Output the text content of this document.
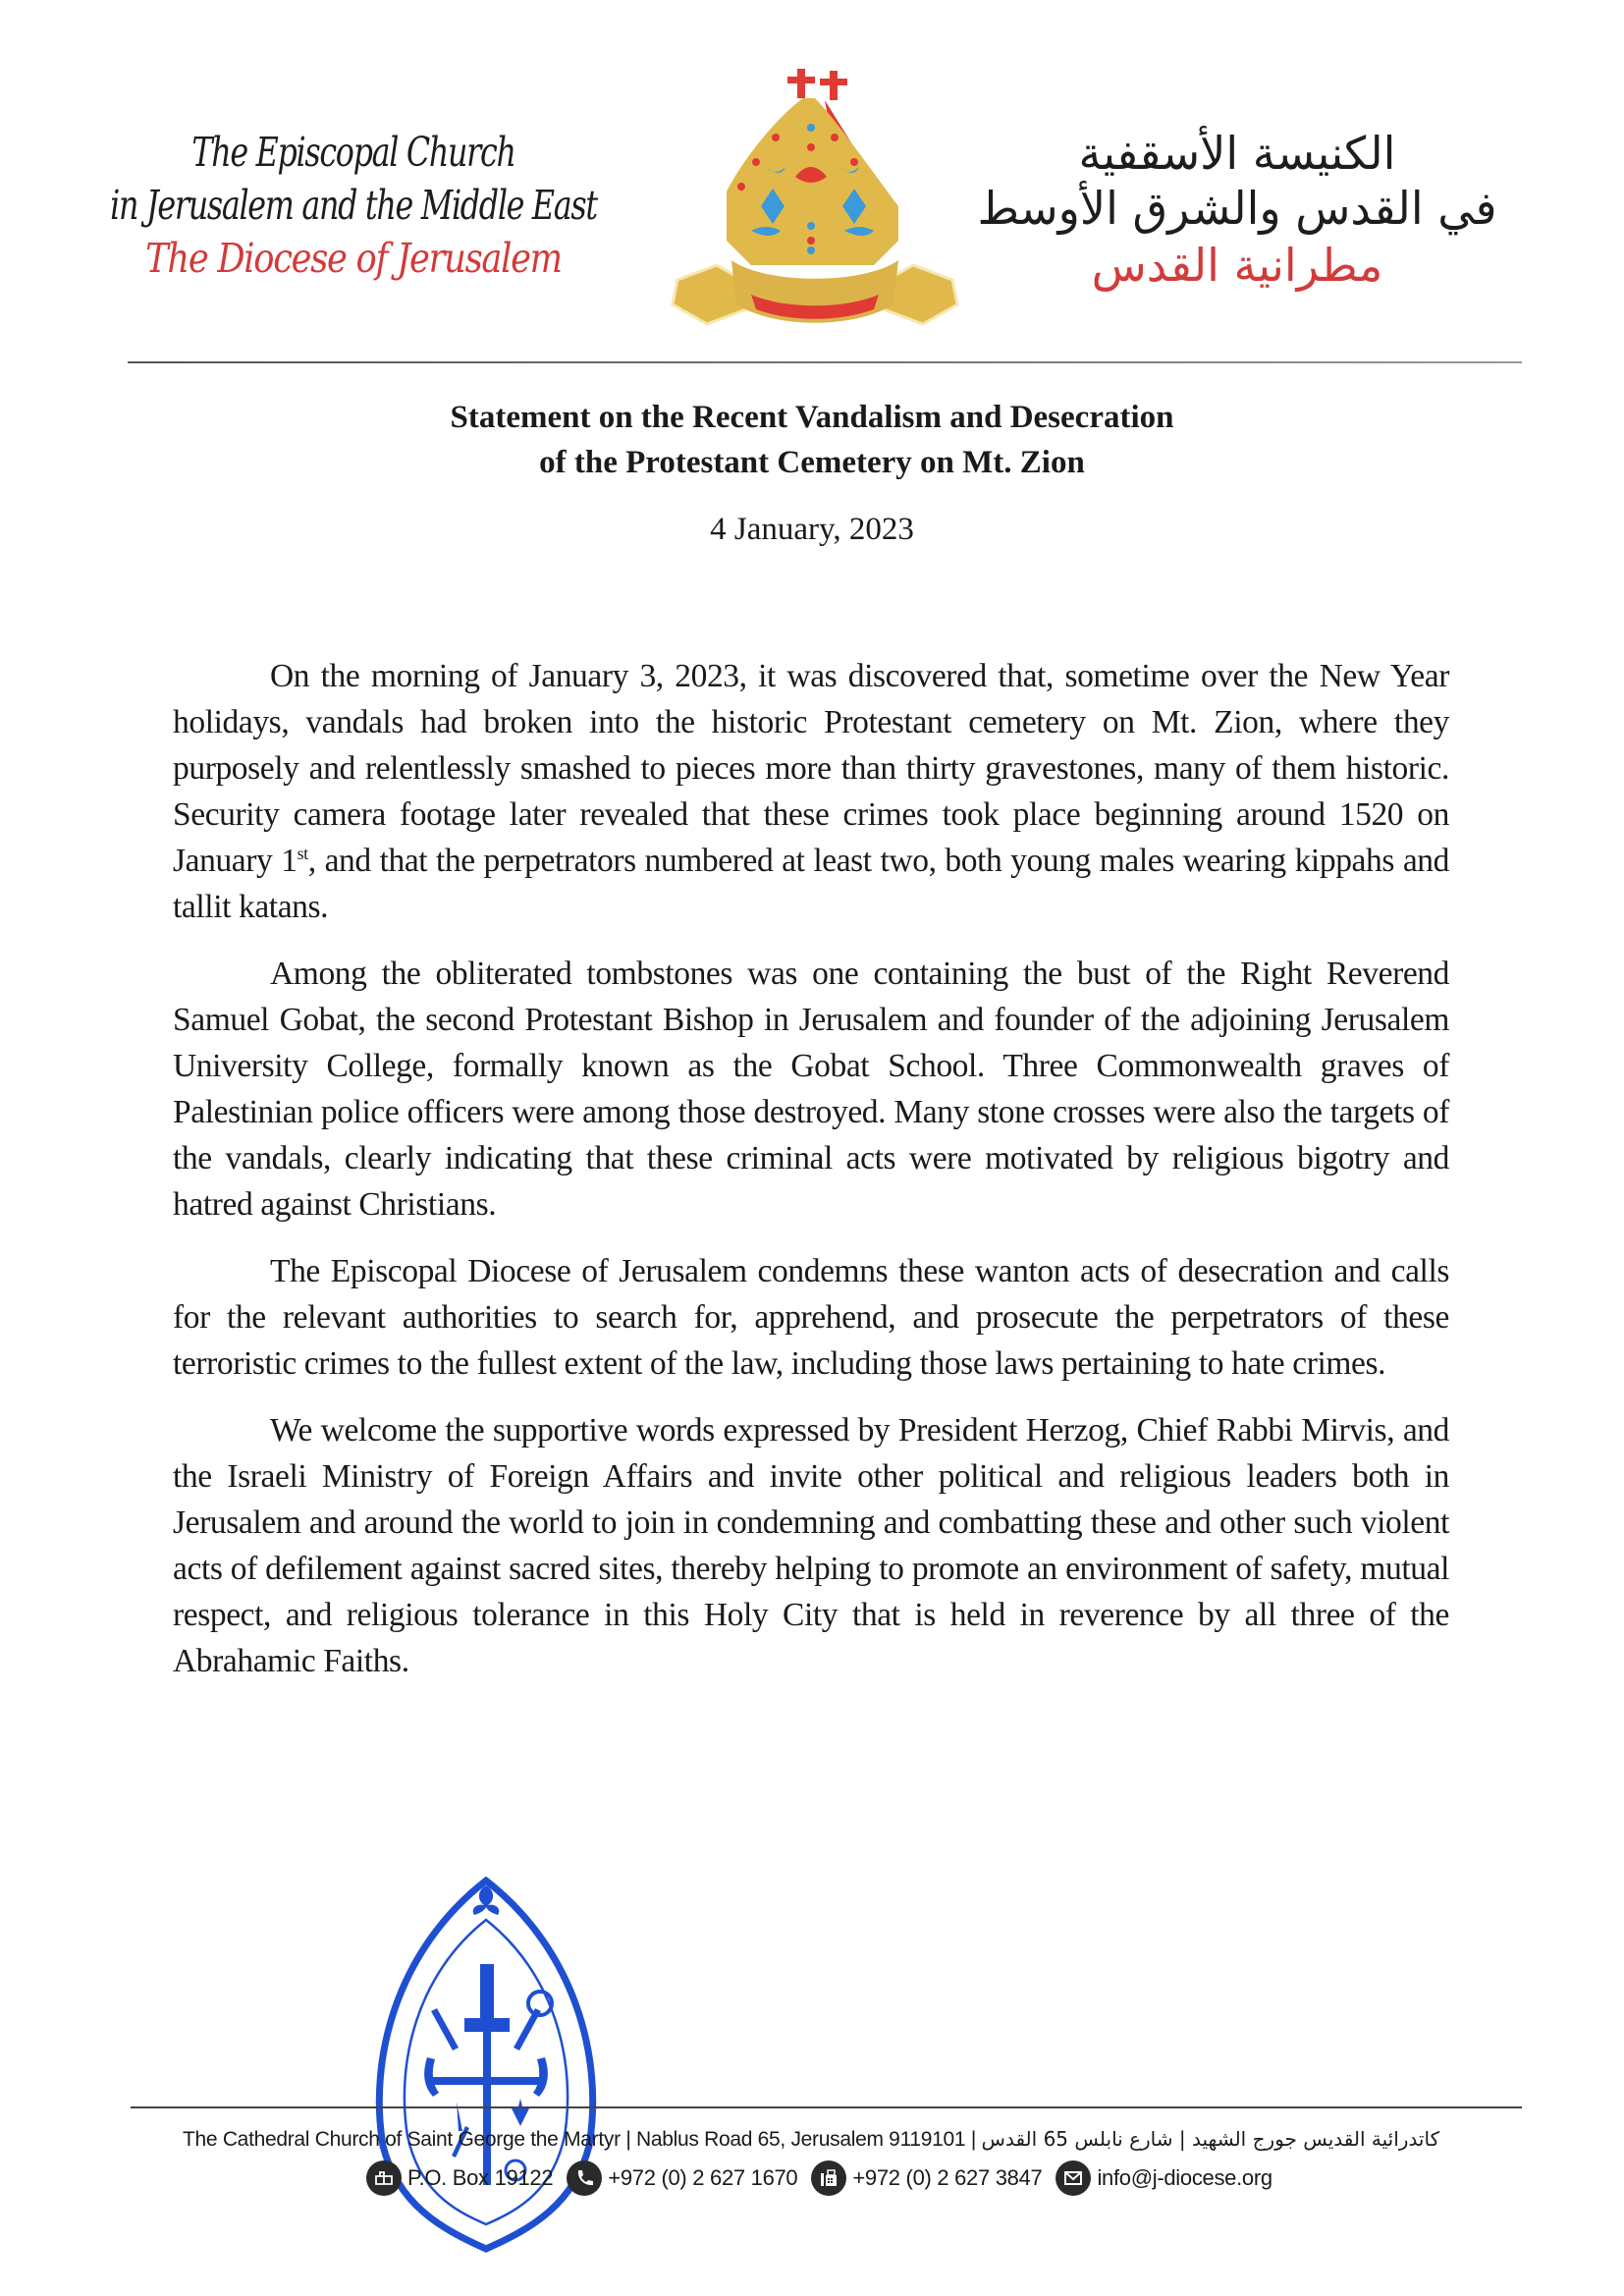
The Episcopal Church
in Jerusalem and the Middle East
The Diocese of Jerusalem
الكنيسة الأسقفية
في القدس والشرق الأوسط
مطرانية القدس
Statement on the Recent Vandalism and Desecration
of the Protestant Cemetery on Mt. Zion
4 January, 2023

On the morning of January 3, 2023, it was discovered that, sometime over the New Year holidays, vandals had broken into the historic Protestant cemetery on Mt. Zion, where they purposely and relentlessly smashed to pieces more than thirty gravestones, many of them historic. Security camera footage later revealed that these crimes took place beginning around 1520 on January 1st, and that the perpetrators numbered at least two, both young males wearing kippahs and tallit katans.

Among the obliterated tombstones was one containing the bust of the Right Reverend Samuel Gobat, the second Protestant Bishop in Jerusalem and founder of the adjoining Jerusalem University College, formally known as the Gobat School. Three Commonwealth graves of Palestinian police officers were among those destroyed. Many stone crosses were also the targets of the vandals, clearly indicating that these criminal acts were motivated by religious bigotry and hatred against Christians.

The Episcopal Diocese of Jerusalem condemns these wanton acts of desecration and calls for the relevant authorities to search for, apprehend, and prosecute the perpetrators of these terroristic crimes to the fullest extent of the law, including those laws pertaining to hate crimes.

We welcome the supportive words expressed by President Herzog, Chief Rabbi Mirvis, and the Israeli Ministry of Foreign Affairs and invite other political and religious leaders both in Jerusalem and around the world to join in condemning and combatting these and other such violent acts of defilement against sacred sites, thereby helping to promote an environment of safety, mutual respect, and religious tolerance in this Holy City that is held in reverence by all three of the Abrahamic Faiths.

The Cathedral Church of Saint George the Martyr | Nablus Road 65, Jerusalem 9119101 | كاتدرائية القديس جورج الشهيد | شارع نابلس 65 القدس
P.O. Box 19122	+972 (0) 2 627 1670	+972 (0) 2 627 3847	info@j-diocese.org
